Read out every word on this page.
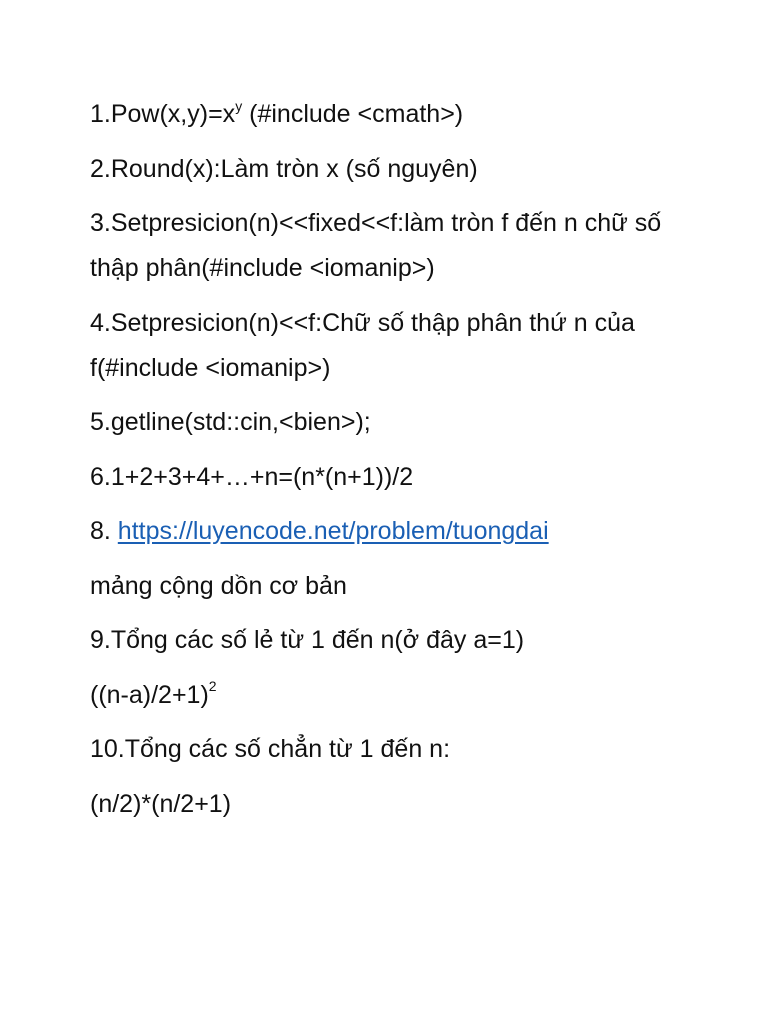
$1.Pow(x,y)=x^y$ (#include <cmath>)

2.Round(x):Làm tròn x (số nguyên)

3.Setpresicion(n)<<fixed<<f:làm tròn f đến n chữ số thập phân(#include <iomanip>)

4.Setpresicion(n)<<f:Chữ số thập phân thứ n của f(#include <iomanip>)

5.getline(std::cin,<bien>);

6.1+2+3+4+…+n=(n*(n+1))/2

8. https://luyencode.net/problem/tuongdai

mảng cộng dồn cơ bản

9.Tổng các số lẻ từ 1 đến n(ở đây a=1)

$((n-a)/2+1)^2$

10.Tổng các số chẳn từ 1 đến n:

(n/2)*(n/2+1)
